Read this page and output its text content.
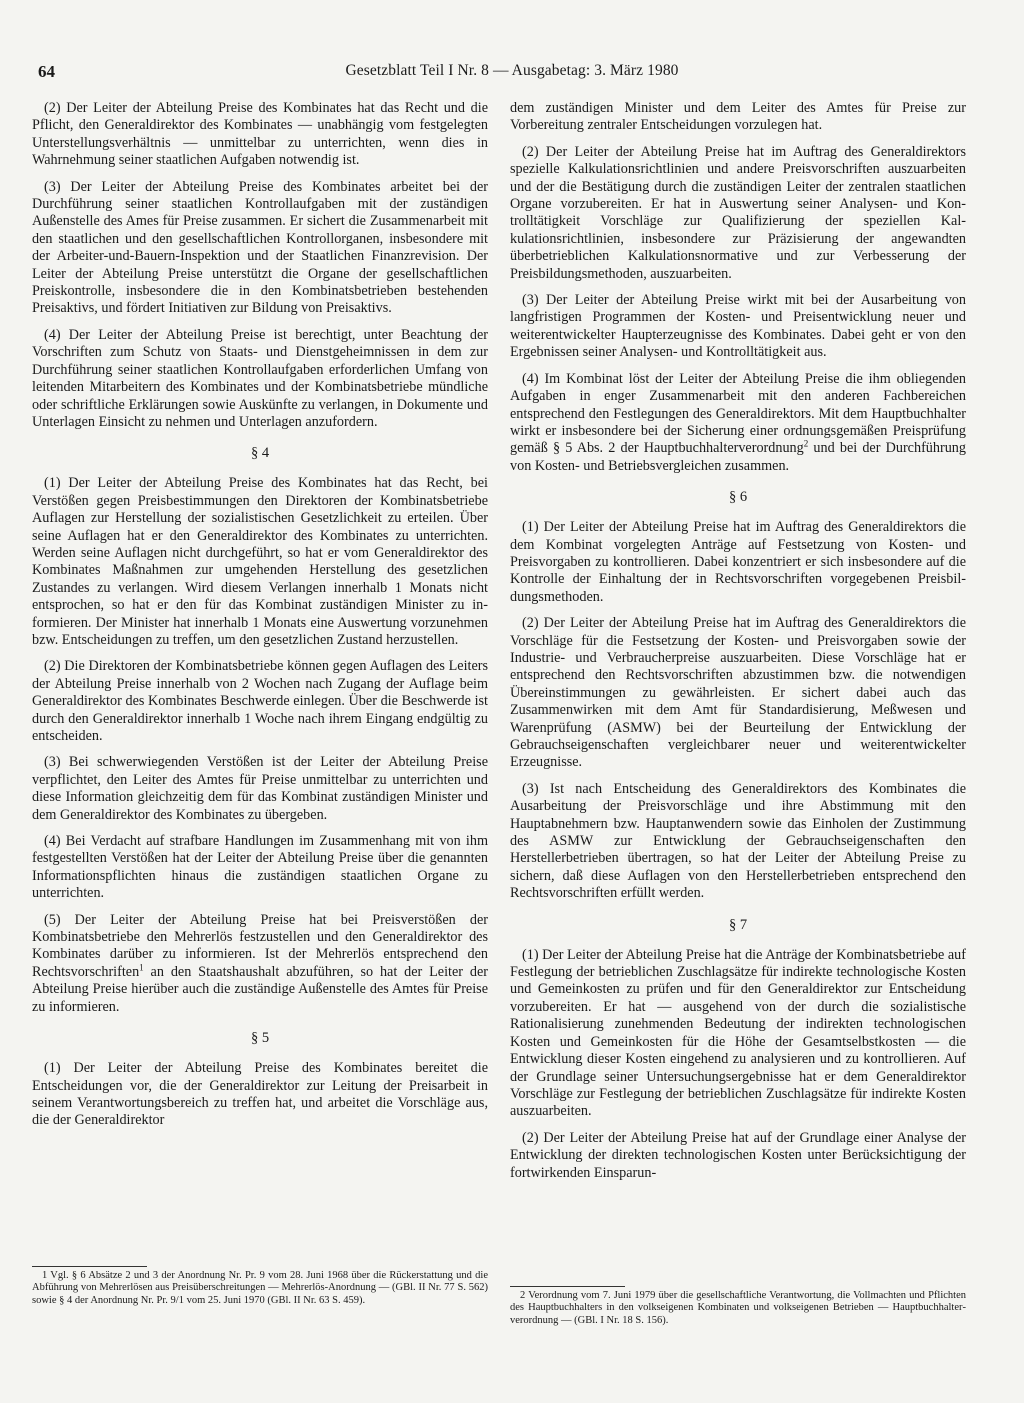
64	Gesetzblatt Teil I Nr. 8 — Ausgabetag: 3. März 1980

(2) Der Leiter der Abteilung Preise des Kombinates hat das Recht und die Pflicht, den Generaldirektor des Kombinates — unabhängig vom festgelegten Unterstellungsverhältnis — unmittelbar zu unterrichten, wenn dies in Wahrnehmung seiner staatlichen Aufgaben notwendig ist.

(3) Der Leiter der Abteilung Preise des Kombinates arbeitet bei der Durchführung seiner staatlichen Kontrollaufgaben mit der zuständigen Außenstelle des Ames für Preise zusammen. Er sichert die Zusammenarbeit mit den staatlichen und den gesellschaftlichen Kontrollorganen, insbesondere mit der Arbeiter-und-Bauern-Inspektion und der Staatlichen Finanzrevision. Der Leiter der Abteilung Preise unterstützt die Organe der gesellschaftlichen Preiskontrolle, insbesondere die in den Kombinatsbetrieben bestehenden Preisaktivs, und fördert Initiativen zur Bildung von Preisaktivs.

(4) Der Leiter der Abteilung Preise ist berechtigt, unter Beachtung der Vorschriften zum Schutz von Staats- und Dienstgeheimnissen in dem zur Durchführung seiner staatlichen Kontrollaufgaben erforderlichen Umfang von leitenden Mitarbeitern des Kombinates und der Kombinatsbetriebe mündliche oder schriftliche Erklärungen sowie Auskünfte zu verlangen, in Dokumente und Unterlagen Einsicht zu nehmen und Unterlagen anzufordern.

§ 4

(1) Der Leiter der Abteilung Preise des Kombinates hat das Recht, bei Verstößen gegen Preisbestimmungen den Direktoren der Kombinatsbetriebe Auflagen zur Herstellung der sozialistischen Gesetzlichkeit zu erteilen. Über seine Auflagen hat er den Generaldirektor des Kombinates zu unterrichten. Werden seine Auflagen nicht durchgeführt, so hat er vom Generaldirektor des Kombinates Maßnahmen zur umgehenden Herstellung des gesetzlichen Zustandes zu verlangen. Wird diesem Verlangen innerhalb 1 Monats nicht entsprochen, so hat er den für das Kombinat zuständigen Minister zu informieren. Der Minister hat innerhalb 1 Monats eine Auswertung vorzunehmen bzw. Entscheidungen zu treffen, um den gesetzlichen Zustand herzustellen.

(2) Die Direktoren der Kombinatsbetriebe können gegen Auflagen des Leiters der Abteilung Preise innerhalb von 2 Wochen nach Zugang der Auflage beim Generaldirektor des Kombinates Beschwerde einlegen. Über die Beschwerde ist durch den Generaldirektor innerhalb 1 Woche nach ihrem Eingang endgültig zu entscheiden.

(3) Bei schwerwiegenden Verstößen ist der Leiter der Abteilung Preise verpflichtet, den Leiter des Amtes für Preise unmittelbar zu unterrichten und diese Information gleichzeitig dem für das Kombinat zuständigen Minister und dem Generaldirektor des Kombinates zu übergeben.

(4) Bei Verdacht auf strafbare Handlungen im Zusammenhang mit von ihm festgestellten Verstößen hat der Leiter der Abteilung Preise über die genannten Informationspflichten hinaus die zuständigen staatlichen Organe zu unterrichten.

(5) Der Leiter der Abteilung Preise hat bei Preisverstößen der Kombinatsbetriebe den Mehrerlös festzustellen und den Generaldirektor des Kombinates darüber zu informieren. Ist der Mehrerlös entsprechend den Rechtsvorschriften$^1$ an den Staatshaushalt abzuführen, so hat der Leiter der Abteilung Preise hierüber auch die zuständige Außenstelle des Amtes für Preise zu informieren.

§ 5

(1) Der Leiter der Abteilung Preise des Kombinates bereitet die Entscheidungen vor, die der Generaldirektor zur Leitung der Preisarbeit in seinem Verantwortungsbereich zu treffen hat, und arbeitet die Vorschläge aus, die der Generaldirektor

dem zuständigen Minister und dem Leiter des Amtes für Preise zur Vorbereitung zentraler Entscheidungen vorzulegen hat.

(2) Der Leiter der Abteilung Preise hat im Auftrag des Generaldirektors spezielle Kalkulationsrichtlinien und andere Preisvorschriften auszuarbeiten und der die Bestätigung durch die zuständigen Leiter der zentralen staatlichen Organe vorzubereiten. Er hat in Auswertung seiner Analysen- und Kontrolltätigkeit Vorschläge zur Qualifizierung der speziellen Kalkulationsrichtlinien, insbesondere zur Präzisierung der angewandten überbetrieblichen Kalkulationsnormative und zur Verbesserung der Preisbildungsmethoden, auszuarbeiten.

(3) Der Leiter der Abteilung Preise wirkt mit bei der Ausarbeitung von langfristigen Programmen der Kosten- und Preisentwicklung neuer und weiterentwickelter Haupterzeugnisse des Kombinates. Dabei geht er von den Ergebnissen seiner Analysen- und Kontrolltätigkeit aus.

(4) Im Kombinat löst der Leiter der Abteilung Preise die ihm obliegenden Aufgaben in enger Zusammenarbeit mit den anderen Fachbereichen entsprechend den Festlegungen des Generaldirektors. Mit dem Hauptbuchhalter wirkt er insbesondere bei der Sicherung einer ordnungsgemäßen Preisprüfung gemäß § 5 Abs. 2 der Hauptbuchhalterverordnung$^2$ und bei der Durchführung von Kosten- und Betriebsvergleichen zusammen.

§ 6

(1) Der Leiter der Abteilung Preise hat im Auftrag des Generaldirektors die dem Kombinat vorgelegten Anträge auf Festsetzung von Kosten- und Preisvorgaben zu kontrollieren. Dabei konzentriert er sich insbesondere auf die Kontrolle der Einhaltung der in Rechtsvorschriften vorgegebenen Preisbildungsmethoden.

(2) Der Leiter der Abteilung Preise hat im Auftrag des Generaldirektors die Vorschläge für die Festsetzung der Kosten- und Preisvorgaben sowie der Industrie- und Verbraucherpreise auszuarbeiten. Diese Vorschläge hat er entsprechend den Rechtsvorschriften abzustimmen bzw. die notwendigen Übereinstimmungen zu gewährleisten. Er sichert dabei auch das Zusammenwirken mit dem Amt für Standardisierung, Meßwesen und Warenprüfung (ASMW) bei der Beurteilung der Entwicklung der Gebrauchseigenschaften vergleichbarer neuer und weiterentwickelter Erzeugnisse.

(3) Ist nach Entscheidung des Generaldirektors des Kombinates die Ausarbeitung der Preisvorschläge und ihre Abstimmung mit den Hauptabnehmern bzw. Hauptanwendern sowie das Einholen der Zustimmung des ASMW zur Entwicklung der Gebrauchseigenschaften den Herstellerbetrieben übertragen, so hat der Leiter der Abteilung Preise zu sichern, daß diese Auflagen von den Herstellerbetrieben entsprechend den Rechtsvorschriften erfüllt werden.

§ 7

(1) Der Leiter der Abteilung Preise hat die Anträge der Kombinatsbetriebe auf Festlegung der betrieblichen Zuschlagsätze für indirekte technologische Kosten und Gemeinkosten zu prüfen und für den Generaldirektor zur Entscheidung vorzubereiten. Er hat — ausgehend von der durch die sozialistische Rationalisierung zunehmenden Bedeutung der indirekten technologischen Kosten und Gemeinkosten für die Höhe der Gesamtselbstkosten — die Entwicklung dieser Kosten eingehend zu analysieren und zu kontrollieren. Auf der Grundlage seiner Untersuchungsergebnisse hat er dem Generaldirektor Vorschläge zur Festlegung der betrieblichen Zuschlagsätze für indirekte Kosten auszuarbeiten.

(2) Der Leiter der Abteilung Preise hat auf der Grundlage einer Analyse der Entwicklung der direkten technologischen Kosten unter Berücksichtigung der fortwirkenden Einsparun-

1 Vgl. § 6 Absätze 2 und 3 der Anordnung Nr. Pr. 9 vom 28. Juni 1968 über die Rückerstattung und die Abführung von Mehrerlösen aus Preisüberschreitungen — Mehrerlös-Anordnung — (GBl. II Nr. 77 S. 562) sowie § 4 der Anordnung Nr. Pr. 9/1 vom 25. Juni 1970 (GBl. II Nr. 63 S. 459).	2 Verordnung vom 7. Juni 1979 über die gesellschaftliche Verantwortung, die Vollmachten und Pflichten des Hauptbuchhalters in den volkseigenen Kombinaten und volkseigenen Betrieben — Hauptbuchhalterverordnung — (GBl. I Nr. 18 S. 156).
